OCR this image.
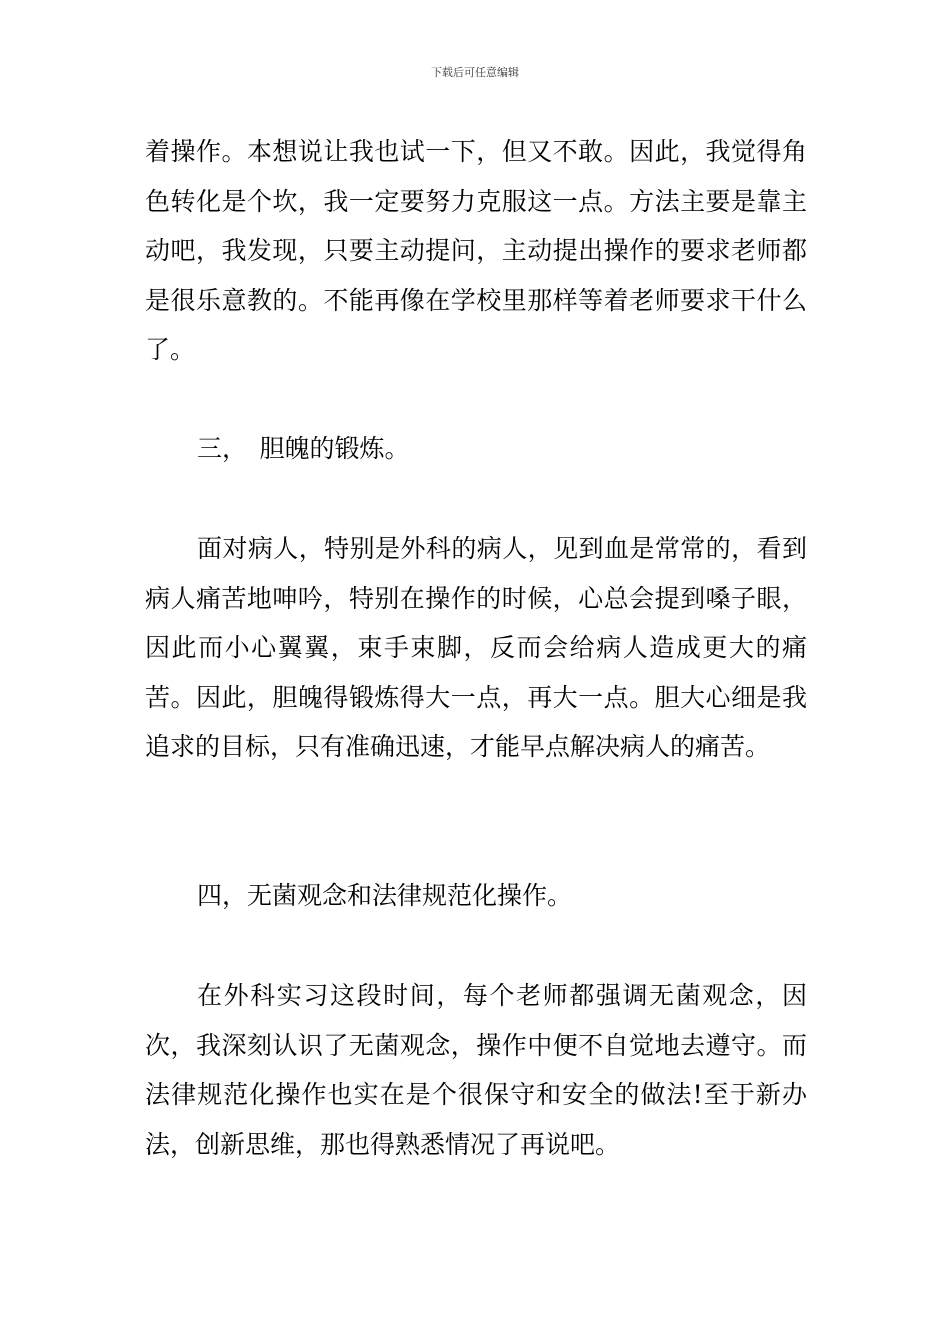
下载后可任意编辑

着操作。本想说让我也试一下，但又不敢。因此，我觉得角色转化是个坎，我一定要努力克服这一点。方法主要是靠主动吧，我发现，只要主动提问，主动提出操作的要求老师都是很乐意教的。不能再像在学校里那样等着老师要求干什么了。

三，　胆魄的锻炼。

面对病人，特别是外科的病人，见到血是常常的，看到病人痛苦地呻吟，特别在操作的时候，心总会提到嗓子眼，因此而小心翼翼，束手束脚，反而会给病人造成更大的痛苦。因此，胆魄得锻炼得大一点，再大一点。胆大心细是我追求的目标，只有准确迅速，才能早点解决病人的痛苦。

四，无菌观念和法律规范化操作。

在外科实习这段时间，每个老师都强调无菌观念，因次，我深刻认识了无菌观念，操作中便不自觉地去遵守。而法律规范化操作也实在是个很保守和安全的做法!至于新办法，创新思维，那也得熟悉情况了再说吧。
